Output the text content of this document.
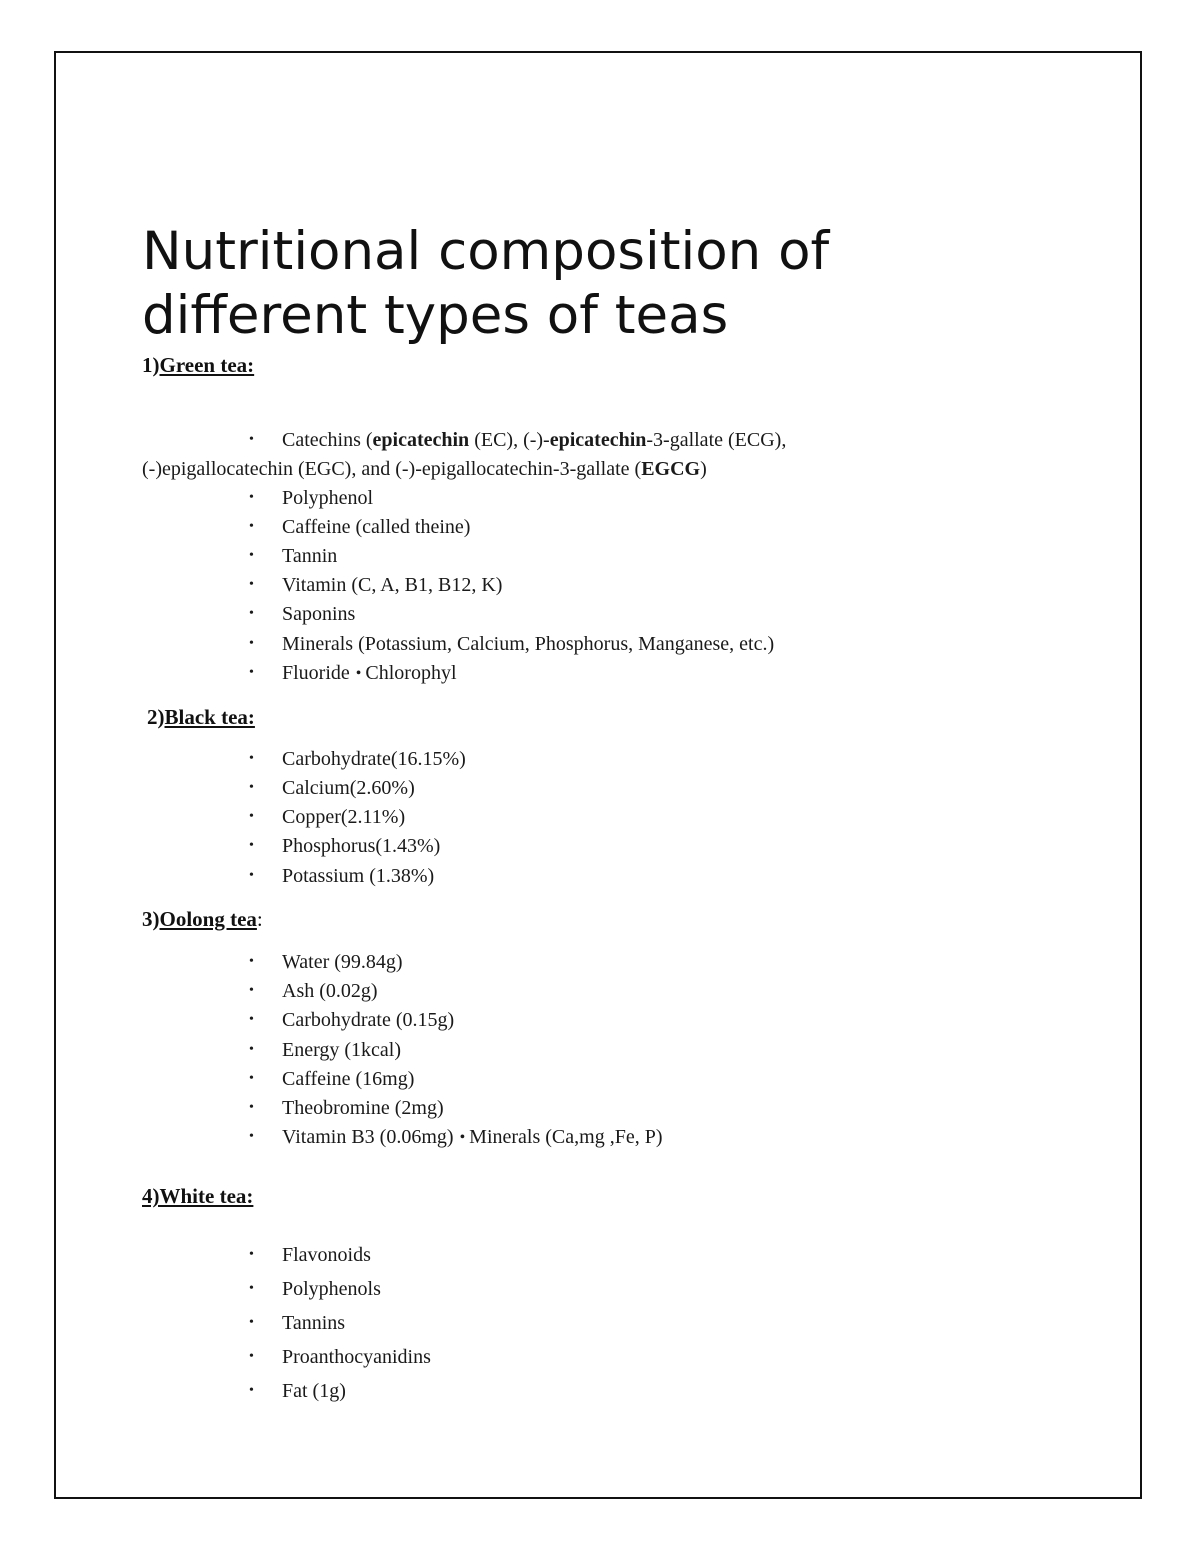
Nutritional composition of
different types of teas
1)Green tea:
• Catechins (epicatechin (EC), (-)-epicatechin-3-gallate (ECG),
(-)epigallocatechin (EGC), and (-)-epigallocatechin-3-gallate (EGCG)
• Polyphenol
• Caffeine (called theine)
• Tannin
• Vitamin (C, A, B1, B12, K)
• Saponins
• Minerals (Potassium, Calcium, Phosphorus, Manganese, etc.)
• Fluoride • Chlorophyl
2)Black tea:
• Carbohydrate(16.15%)
• Calcium(2.60%)
• Copper(2.11%)
• Phosphorus(1.43%)
• Potassium (1.38%)
3)Oolong tea:
• Water (99.84g)
• Ash (0.02g)
• Carbohydrate (0.15g)
• Energy (1kcal)
• Caffeine (16mg)
• Theobromine (2mg)
• Vitamin B3 (0.06mg) • Minerals (Ca,mg ,Fe, P)
4)White tea:
• Flavonoids
• Polyphenols
• Tannins
• Proanthocyanidins
• Fat (1g)
